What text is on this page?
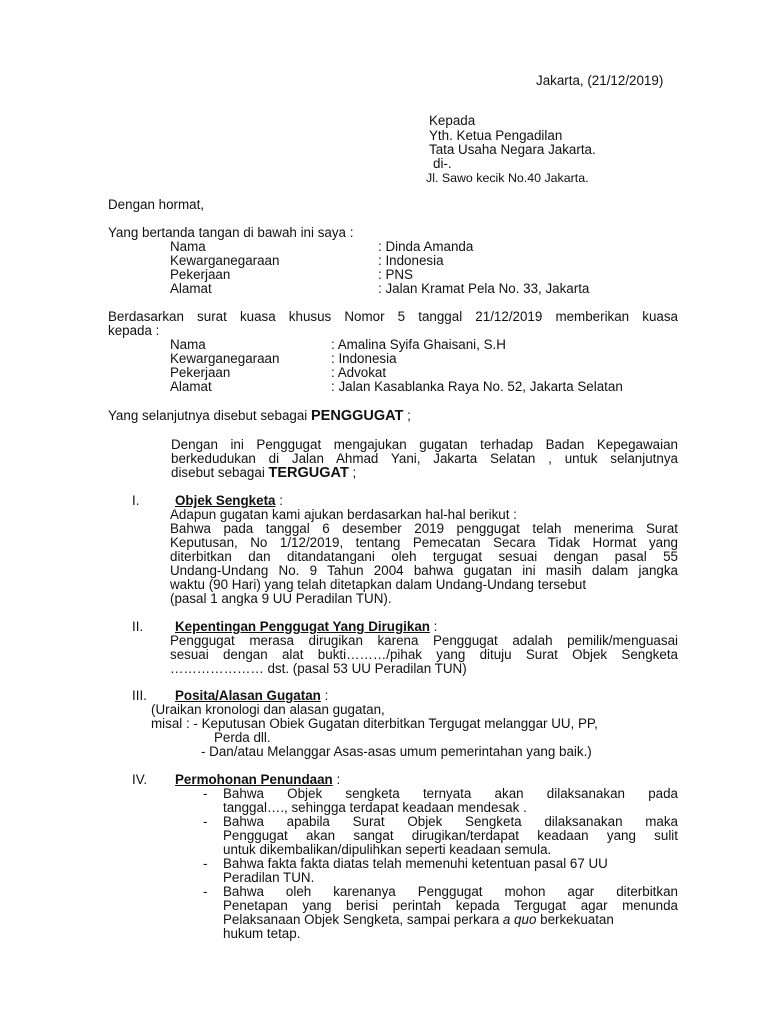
Jakarta, (21/12/2019)
Kepada
Yth. Ketua Pengadilan
Tata Usaha Negara Jakarta.
di-.
Jl. Sawo kecik No.40 Jakarta.
Dengan hormat,
Yang bertanda tangan di bawah ini saya :
Nama	: Dinda Amanda
Kewarganegaraan	: Indonesia
Pekerjaan	: PNS
Alamat	: Jalan Kramat Pela No. 33, Jakarta
Berdasarkan surat kuasa khusus Nomor 5 tanggal 21/12/2019 memberikan kuasa
kepada :
Nama	: Amalina Syifa Ghaisani, S.H
Kewarganegaraan	: Indonesia
Pekerjaan	: Advokat
Alamat	: Jalan Kasablanka Raya No. 52, Jakarta Selatan
Yang selanjutnya disebut sebagai PENGGUGAT ;
Dengan ini Penggugat mengajukan gugatan terhadap Badan Kepegawaian
berkedudukan di Jalan Ahmad Yani, Jakarta Selatan , untuk selanjutnya
disebut sebagai TERGUGAT ;
I.	Objek Sengketa :
Adapun gugatan kami ajukan berdasarkan hal-hal berikut :
Bahwa pada tanggal 6 desember 2019 penggugat telah menerima Surat
Keputusan, No 1/12/2019, tentang Pemecatan Secara Tidak Hormat yang
diterbitkan dan ditandatangani oleh tergugat sesuai dengan pasal 55
Undang-Undang No. 9 Tahun 2004 bahwa gugatan ini masih dalam jangka
waktu (90 Hari) yang telah ditetapkan dalam Undang-Undang tersebut
(pasal 1 angka 9 UU Peradilan TUN).
II. Kepentingan Penggugat Yang Dirugikan :
Penggugat merasa dirugikan karena Penggugat adalah pemilik/menguasai
sesuai dengan alat bukti………/pihak yang dituju Surat Objek Sengketa
………………… dst. (pasal 53 UU Peradilan TUN)
III. Posita/Alasan Gugatan :
(Uraikan kronologi dan alasan gugatan,
misal : - Keputusan Obiek Gugatan diterbitkan Tergugat melanggar UU, PP,
Perda dll.
- Dan/atau Melanggar Asas-asas umum pemerintahan yang baik.)
IV. Permohonan Penundaan :
- Bahwa Objek sengketa ternyata akan dilaksanakan pada
tanggal…., sehingga terdapat keadaan mendesak .
- Bahwa apabila Surat Objek Sengketa dilaksanakan maka
Penggugat akan sangat dirugikan/terdapat keadaan yang sulit
untuk dikembalikan/dipulihkan seperti keadaan semula.
- Bahwa fakta fakta diatas telah memenuhi ketentuan pasal 67 UU
Peradilan TUN.
- Bahwa oleh karenanya Penggugat mohon agar diterbitkan
Penetapan yang berisi perintah kepada Tergugat agar menunda
Pelaksanaan Objek Sengketa, sampai perkara a quo berkekuatan
hukum tetap.
